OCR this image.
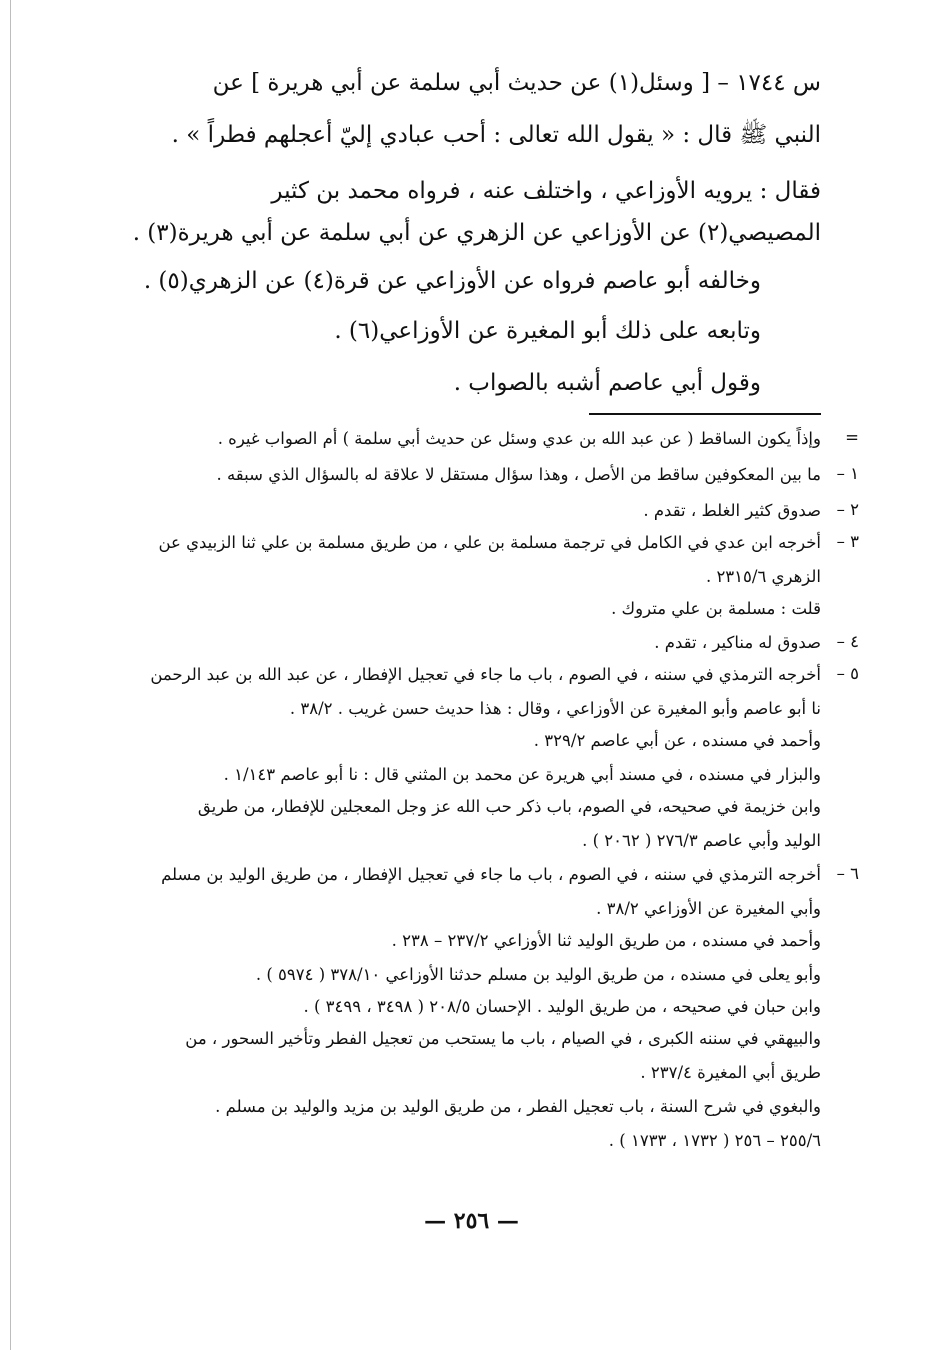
س ١٧٤٤ – [ وسئل(١) عن حديث أبي سلمة عن أبي هريرة ] عن
النبي ﷺ قال : « يقول الله تعالى : أحب عبادي إليّ أعجلهم فطراً » .
فقال : يرويه الأوزاعي ، واختلف عنه ، فرواه محمد بن كثير
المصيصي(٢) عن الأوزاعي عن الزهري عن أبي سلمة عن أبي هريرة(٣) .
وخالفه أبو عاصم فرواه عن الأوزاعي عن قرة(٤) عن الزهري(٥) .
وتابعه على ذلك أبو المغيرة عن الأوزاعي(٦) .
وقول أبي عاصم أشبه بالصواب .
=
وإذاً يكون الساقط ( عن عبد الله بن عدي وسئل عن حديث أبي سلمة ) أم الصواب غيره .
١ –
ما بين المعكوفين ساقط من الأصل ، وهذا سؤال مستقل لا علاقة له بالسؤال الذي سبقه .
٢ –
صدوق كثير الغلط ، تقدم .
٣ –
أخرجه ابن عدي في الكامل في ترجمة مسلمة بن علي ، من طريق مسلمة بن علي ثنا الزبيدي عن
الزهري ٢٣١٥/٦ .
قلت : مسلمة بن علي متروك .
٤ –
صدوق له مناكير ، تقدم .
٥ –
أخرجه الترمذي في سننه ، في الصوم ، باب ما جاء في تعجيل الإفطار ، عن عبد الله بن عبد الرحمن
نا أبو عاصم وأبو المغيرة عن الأوزاعي ، وقال : هذا حديث حسن غريب . ٣٨/٢ .
وأحمد في مسنده ، عن أبي عاصم ٣٢٩/٢ .
والبزار في مسنده ، في مسند أبي هريرة عن محمد بن المثني قال : نا أبو عاصم ١/١٤٣ .
وابن خزيمة في صحيحه، في الصوم، باب ذكر حب الله عز وجل المعجلين للإفطار، من طريق
الوليد وأبي عاصم ٢٧٦/٣ ( ٢٠٦٢ ) .
٦ –
أخرجه الترمذي في سننه ، في الصوم ، باب ما جاء في تعجيل الإفطار ، من طريق الوليد بن مسلم
وأبي المغيرة عن الأوزاعي ٣٨/٢ .
وأحمد في مسنده ، من طريق الوليد ثنا الأوزاعي ٢٣٧/٢ – ٢٣٨ .
وأبو يعلى في مسنده ، من طريق الوليد بن مسلم حدثنا الأوزاعي ٣٧٨/١٠ ( ٥٩٧٤ ) .
وابن حبان في صحيحه ، من طريق الوليد . الإحسان ٢٠٨/٥ ( ٣٤٩٨ ، ٣٤٩٩ ) .
والبيهقي في سننه الكبرى ، في الصيام ، باب ما يستحب من تعجيل الفطر وتأخير السحور ، من
طريق أبي المغيرة ٢٣٧/٤ .
والبغوي في شرح السنة ، باب تعجيل الفطر ، من طريق الوليد بن مزيد والوليد بن مسلم .
٢٥٥/٦ – ٢٥٦ ( ١٧٣٢ ، ١٧٣٣ ) .
— ٢٥٦ —
